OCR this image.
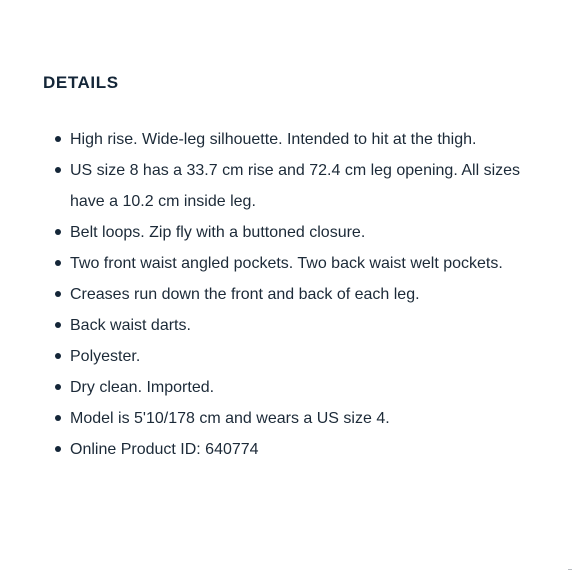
DETAILS
High rise. Wide-leg silhouette. Intended to hit at the thigh.
US size 8 has a 33.7 cm rise and 72.4 cm leg opening. All sizes have a 10.2 cm inside leg.
Belt loops. Zip fly with a buttoned closure.
Two front waist angled pockets. Two back waist welt pockets.
Creases run down the front and back of each leg.
Back waist darts.
Polyester.
Dry clean. Imported.
Model is 5'10/178 cm and wears a US size 4.
Online Product ID: 640774
